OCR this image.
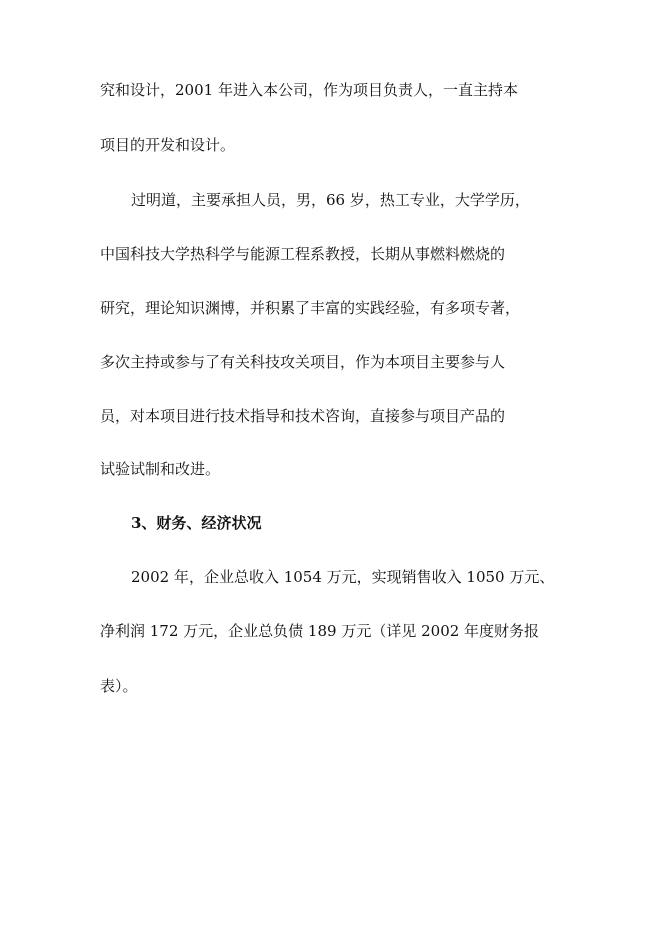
究和设计，2001 年进入本公司，作为项目负责人，一直主持本

项目的开发和设计。

过明道，主要承担人员，男，66 岁，热工专业，大学学历，

中国科技大学热科学与能源工程系教授，长期从事燃料燃烧的

研究，理论知识渊博，并积累了丰富的实践经验，有多项专著，

多次主持或参与了有关科技攻关项目，作为本项目主要参与人

员，对本项目进行技术指导和技术咨询，直接参与项目产品的

试验试制和改进。

3、财务、经济状况

2002 年，企业总收入 1054 万元，实现销售收入 1050 万元、

净利润 172 万元，企业总负债 189 万元（详见 2002 年度财务报

表）。
